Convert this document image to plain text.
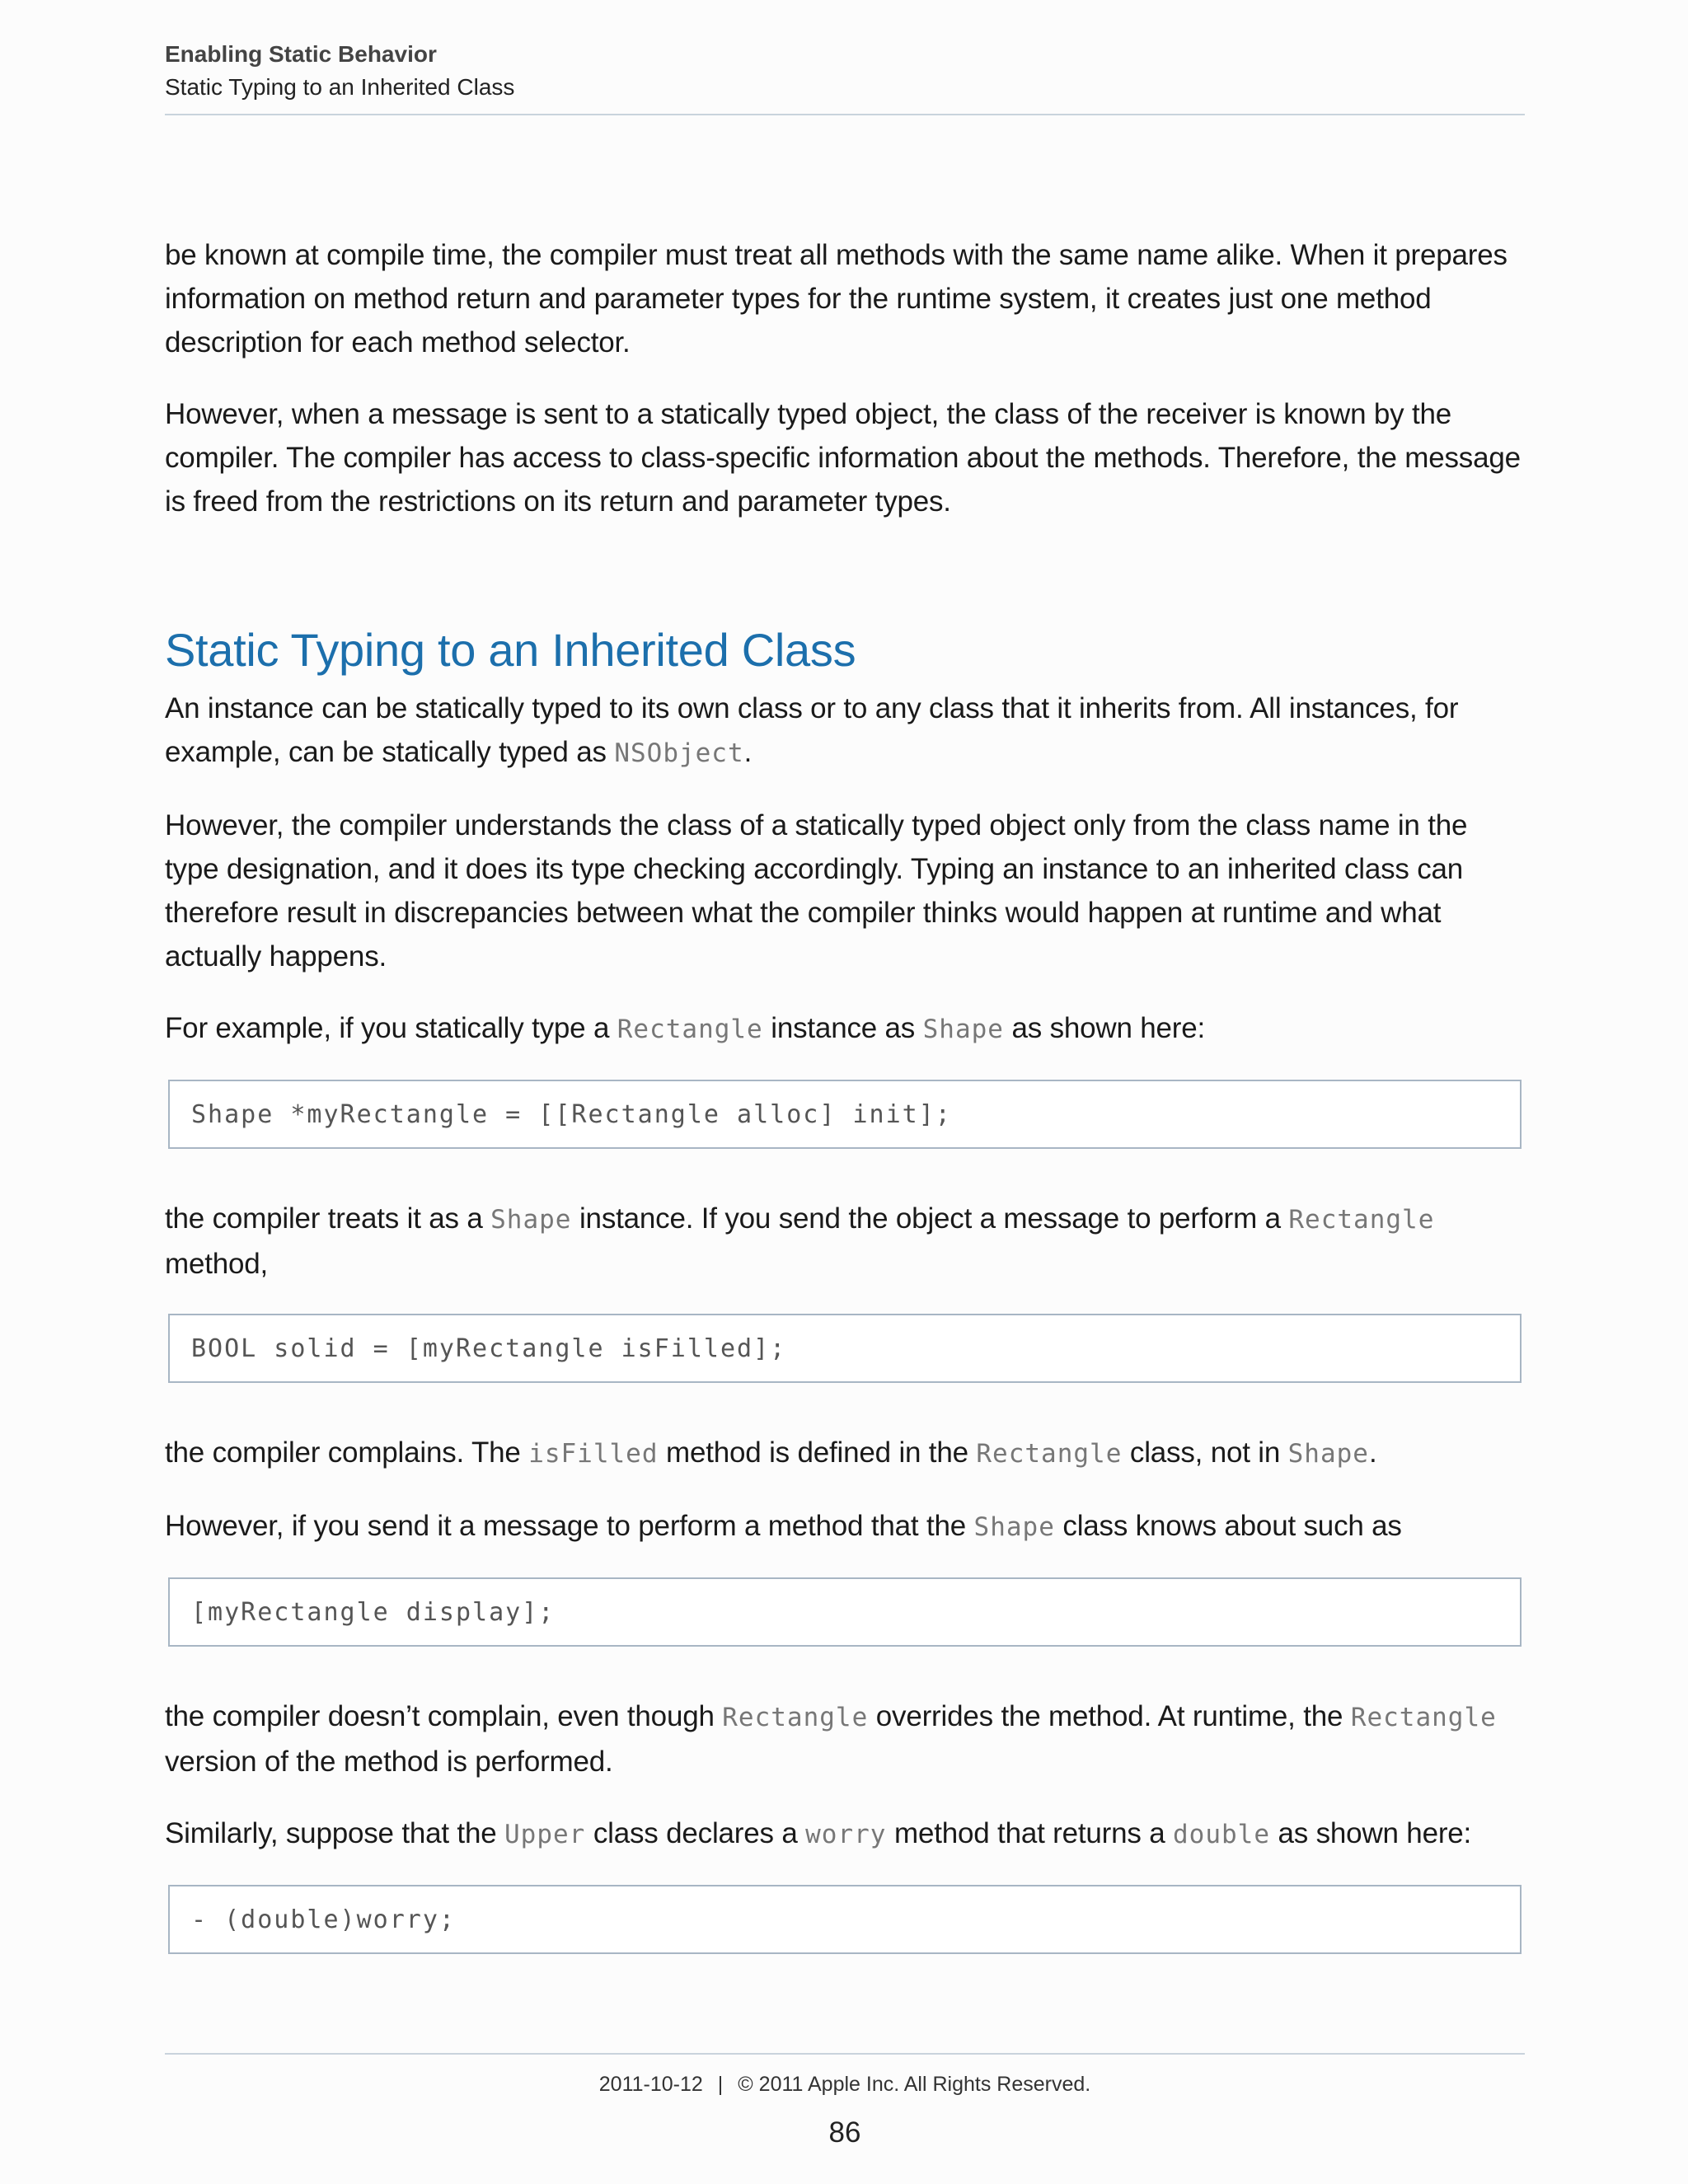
Enabling Static Behavior
Static Typing to an Inherited Class

be known at compile time, the compiler must treat all methods with the same name alike. When it prepares information on method return and parameter types for the runtime system, it creates just one method description for each method selector.

However, when a message is sent to a statically typed object, the class of the receiver is known by the compiler. The compiler has access to class-specific information about the methods. Therefore, the message is freed from the restrictions on its return and parameter types.

Static Typing to an Inherited Class

An instance can be statically typed to its own class or to any class that it inherits from. All instances, for example, can be statically typed as NSObject.

However, the compiler understands the class of a statically typed object only from the class name in the type designation, and it does its type checking accordingly. Typing an instance to an inherited class can therefore result in discrepancies between what the compiler thinks would happen at runtime and what actually happens.

For example, if you statically type a Rectangle instance as Shape as shown here:

Shape *myRectangle = [[Rectangle alloc] init];

the compiler treats it as a Shape instance. If you send the object a message to perform a Rectangle method,

BOOL solid = [myRectangle isFilled];

the compiler complains. The isFilled method is defined in the Rectangle class, not in Shape.

However, if you send it a message to perform a method that the Shape class knows about such as

[myRectangle display];

the compiler doesn’t complain, even though Rectangle overrides the method. At runtime, the Rectangle version of the method is performed.

Similarly, suppose that the Upper class declares a worry method that returns a double as shown here:

- (double)worry;
2011-10-12 | © 2011 Apple Inc. All Rights Reserved.
86
